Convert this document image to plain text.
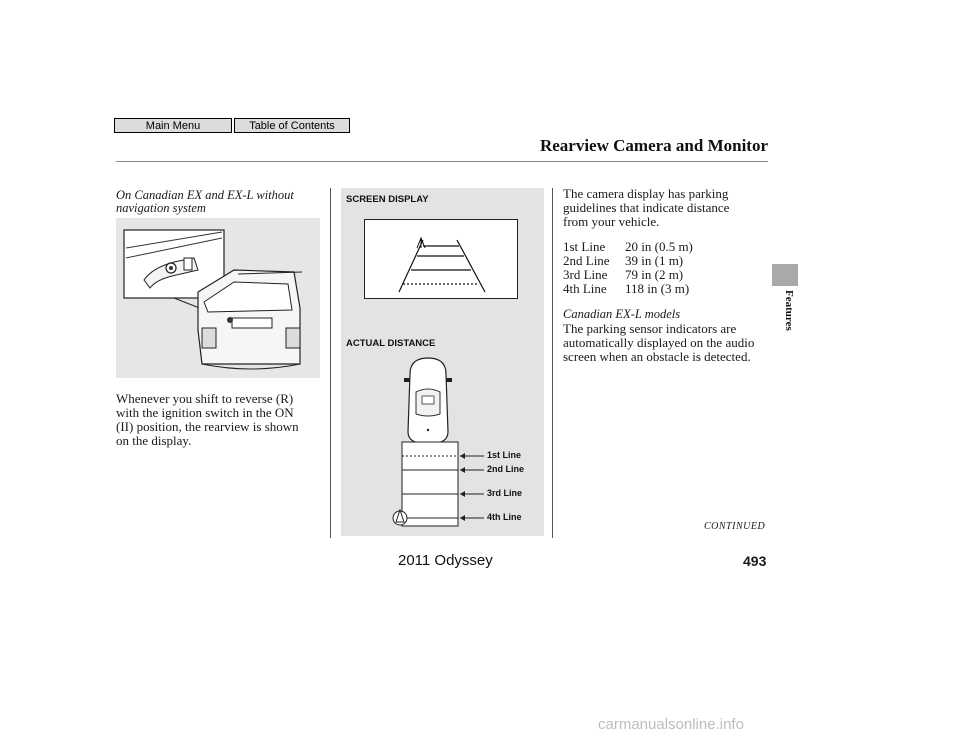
Main Menu	Table of Contents
Rearview Camera and Monitor
Features
On Canadian EX and EX-L without
navigation system
Whenever you shift to reverse (R)
with the ignition switch in the ON
(II) position, the rearview is shown
on the display.
SCREEN DISPLAY
ACTUAL DISTANCE
1st Line
2nd Line
3rd Line
4th Line
The camera display has parking
guidelines that indicate distance
from your vehicle.
1st Line 20 in (0.5 m)
2nd Line 39 in (1 m)
3rd Line 79 in (2 m)
4th Line 118 in (3 m)
Canadian EX-L models
The parking sensor indicators are
automatically displayed on the audio
screen when an obstacle is detected.
CONTINUED
2011 Odyssey	493
carmanualsonline.info
